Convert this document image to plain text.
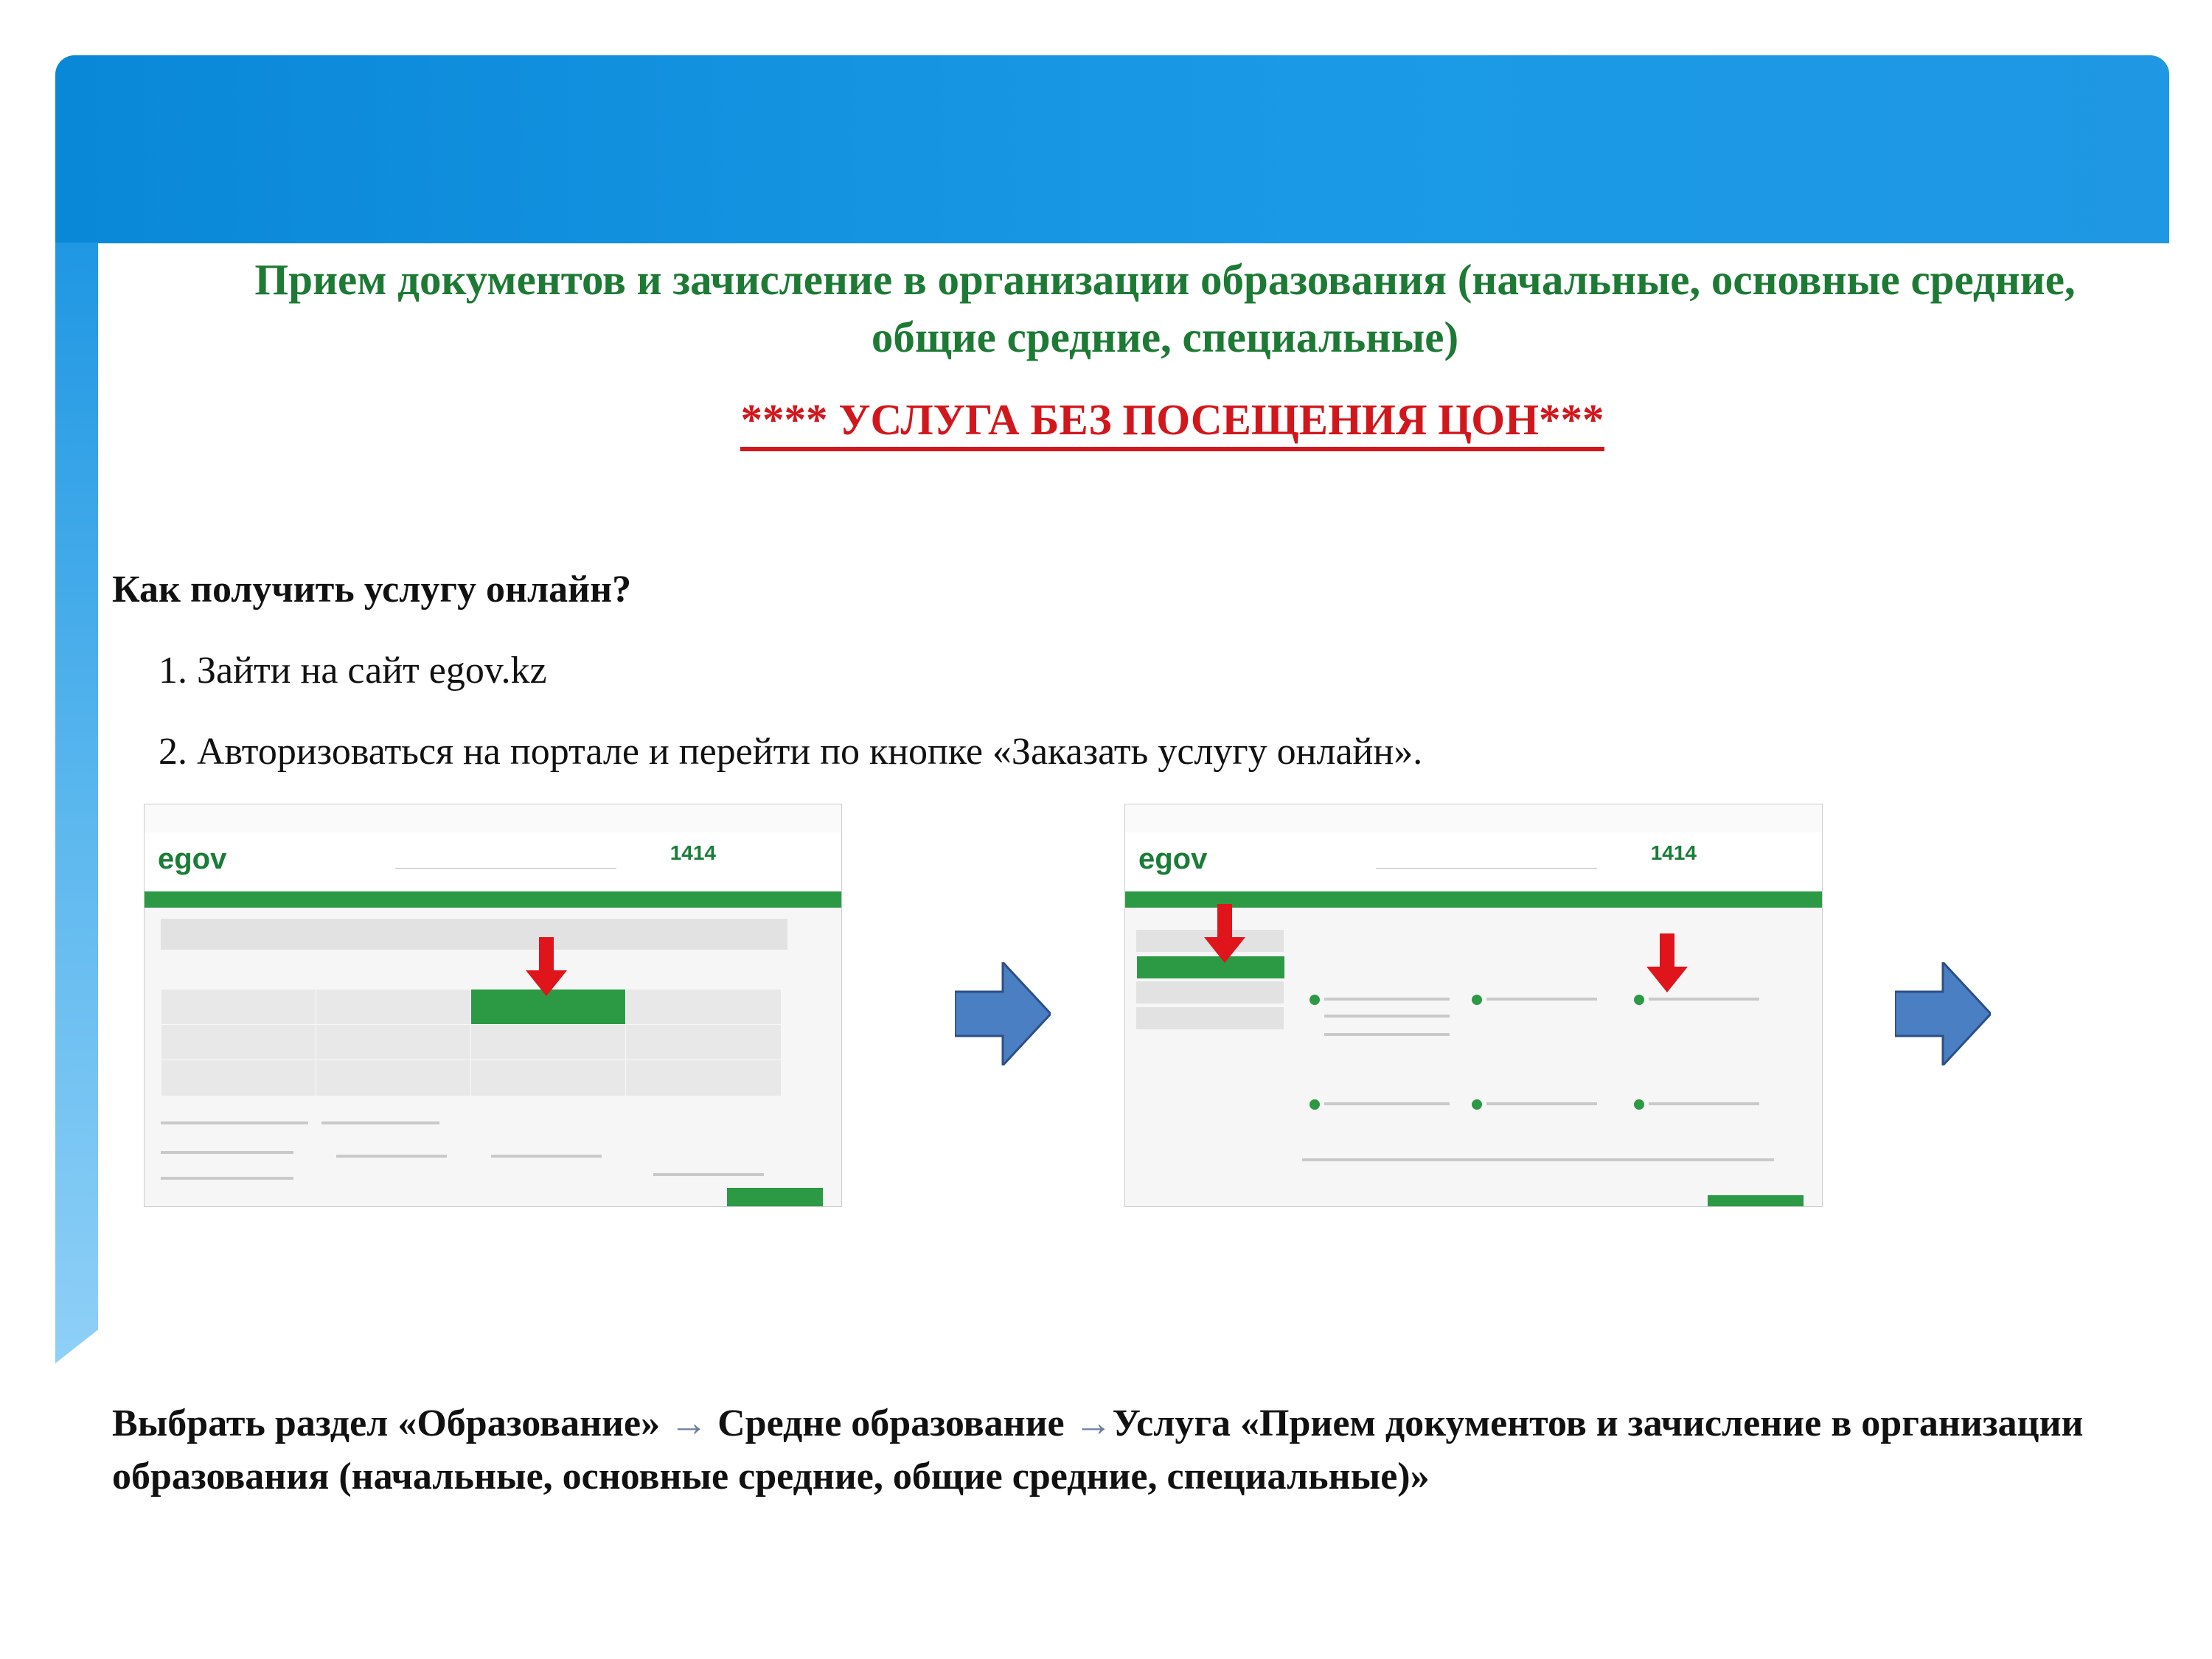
Прием документов и зачисление в организации образования (начальные, основные средние,
общие средние, специальные)
**** УСЛУГА БЕЗ ПОСЕЩЕНИЯ ЦОН***
Как получить услугу онлайн?
1. Зайти на сайт egov.kz
2. Авторизоваться на портале и перейти по кнопке «Заказать услугу онлайн».
egov	1414	egov	1414
Выбрать раздел «Образование» → Средне образование →Услуга «Прием документов и зачисление в организации образования (начальные, основные средние, общие средние, специальные)»
